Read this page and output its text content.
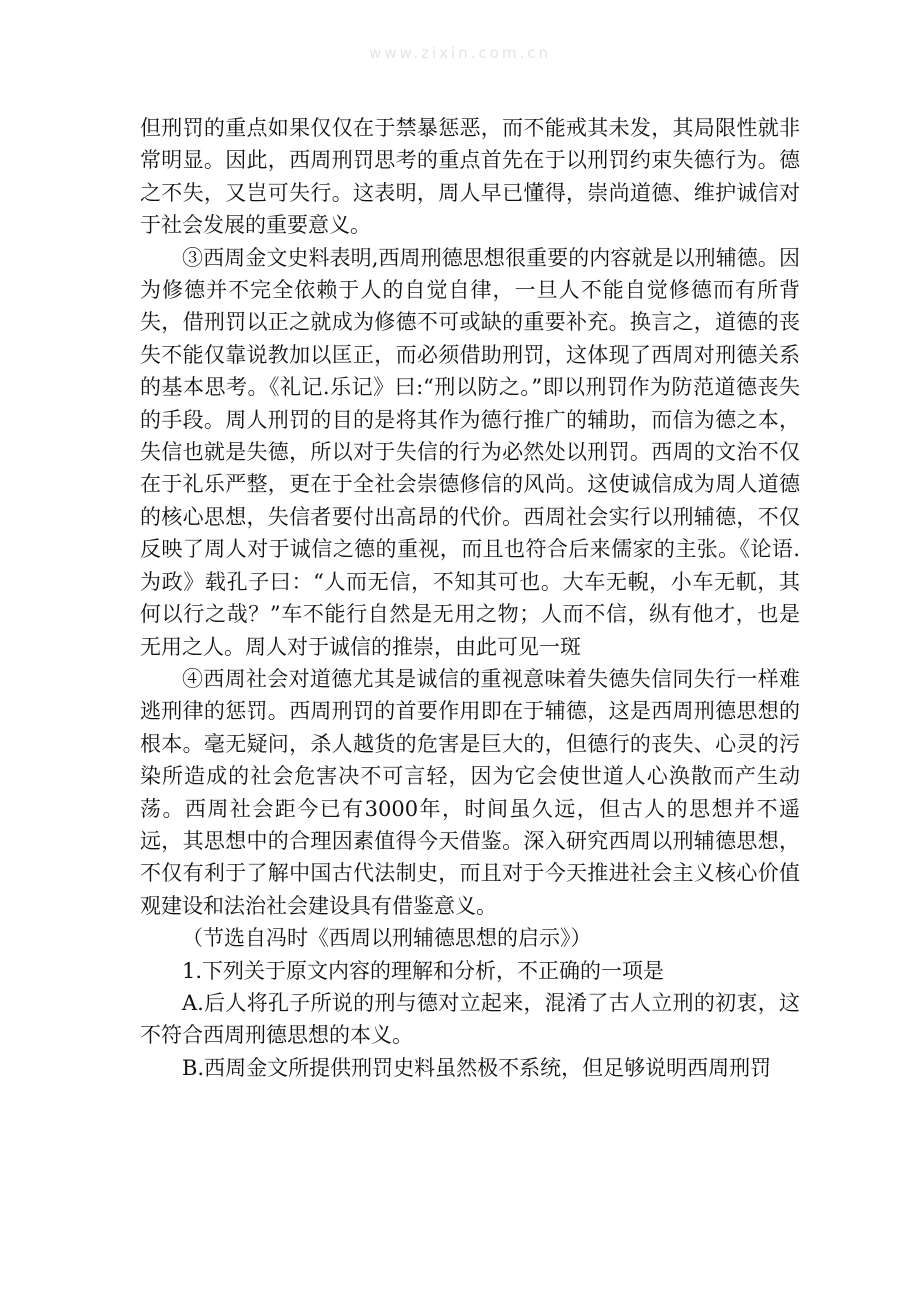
www.zixin.com.cn

但刑罚的重点如果仅仅在于禁暴惩恶，而不能戒其未发，其局限性就非常明显。因此，西周刑罚思考的重点首先在于以刑罚约束失德行为。德之不失，又岂可失行。这表明，周人早已懂得，崇尚道德、维护诚信对于社会发展的重要意义。

③西周金文史料表明,西周刑德思想很重要的内容就是以刑辅德。因为修德并不完全依赖于人的自觉自律，一旦人不能自觉修德而有所背失，借刑罚以正之就成为修德不可或缺的重要补充。换言之，道德的丧失不能仅靠说教加以匡正，而必须借助刑罚，这体现了西周对刑德关系的基本思考。《礼记.乐记》曰:“刑以防之。”即以刑罚作为防范道德丧失的手段。周人刑罚的目的是将其作为德行推广的辅助，而信为德之本，失信也就是失德，所以对于失信的行为必然处以刑罚。西周的文治不仅在于礼乐严整，更在于全社会崇德修信的风尚。这使诚信成为周人道德的核心思想，失信者要付出高昂的代价。西周社会实行以刑辅德，不仅反映了周人对于诚信之德的重视，而且也符合后来儒家的主张。《论语.为政》载孔子曰：“人而无信，不知其可也。大车无輗，小车无軏，其何以行之哉？”车不能行自然是无用之物；人而不信，纵有他才，也是无用之人。周人对于诚信的推崇，由此可见一斑

④西周社会对道德尤其是诚信的重视意味着失德失信同失行一样难逃刑律的惩罚。西周刑罚的首要作用即在于辅德，这是西周刑德思想的根本。毫无疑问，杀人越货的危害是巨大的，但德行的丧失、心灵的污染所造成的社会危害决不可言轻，因为它会使世道人心涣散而产生动荡。西周社会距今已有3000年，时间虽久远，但古人的思想并不遥远，其思想中的合理因素值得今天借鉴。深入研究西周以刑辅德思想，不仅有利于了解中国古代法制史，而且对于今天推进社会主义核心价值观建设和法治社会建设具有借鉴意义。

（节选自冯时《西周以刑辅德思想的启示》）

1.下列关于原文内容的理解和分析，不正确的一项是

A.后人将孔子所说的刑与德对立起来，混淆了古人立刑的初衷，这不符合西周刑德思想的本义。

B.西周金文所提供刑罚史料虽然极不系统，但足够说明西周刑罚
